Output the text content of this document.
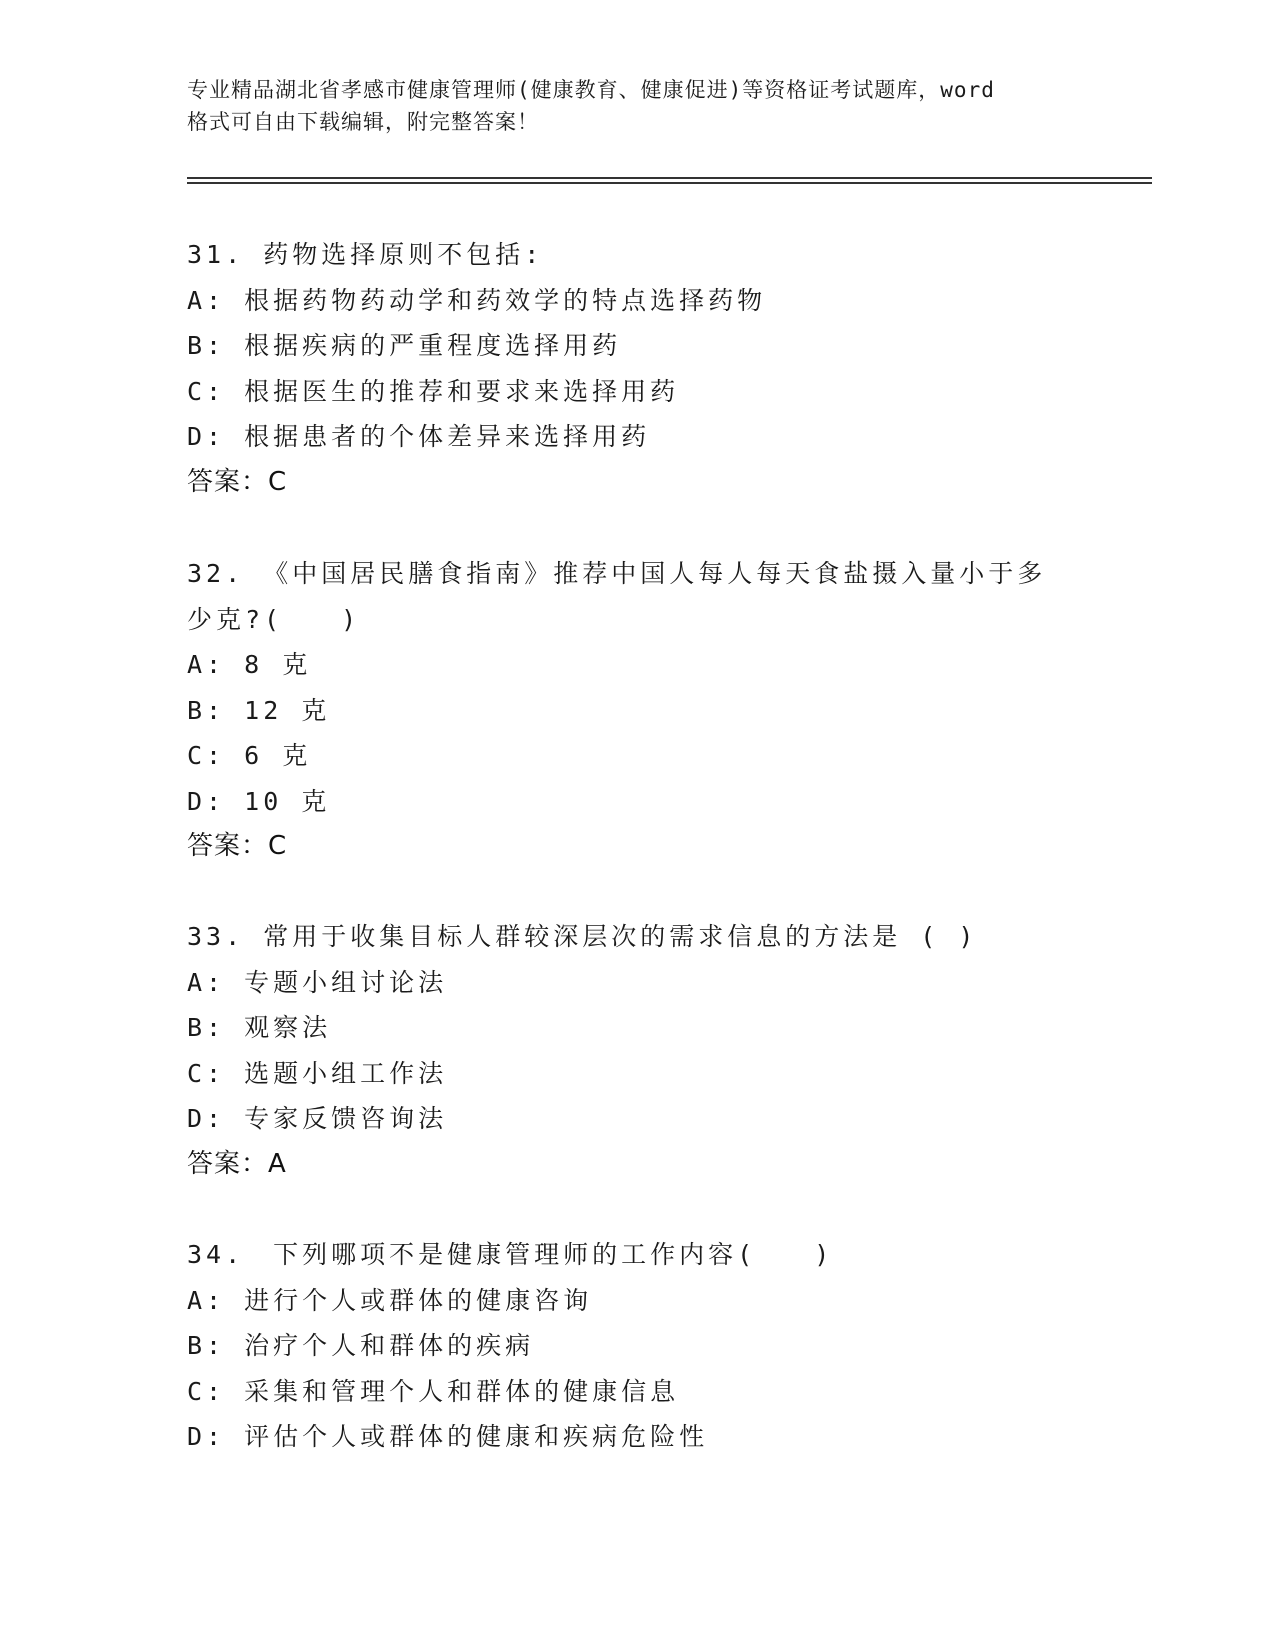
专业精品湖北省孝感市健康管理师(健康教育、健康促进)等资格证考试题库，word
格式可自由下载编辑，附完整答案！
31. 药物选择原则不包括:
A: 根据药物药动学和药效学的特点选择药物
B: 根据疾病的严重程度选择用药
C: 根据医生的推荐和要求来选择用药
D: 根据患者的个体差异来选择用药
答案：C
32. 《中国居民膳食指南》推荐中国人每人每天食盐摄入量小于多少克?(　　)
A: 8 克
B: 12 克
C: 6 克
D: 10 克
答案：C
33. 常用于收集目标人群较深层次的需求信息的方法是 ( )
A: 专题小组讨论法
B: 观察法
C: 选题小组工作法
D: 专家反馈咨询法
答案：A
34.　下列哪项不是健康管理师的工作内容(　　)
A: 进行个人或群体的健康咨询
B: 治疗个人和群体的疾病
C: 采集和管理个人和群体的健康信息
D: 评估个人或群体的健康和疾病危险性
